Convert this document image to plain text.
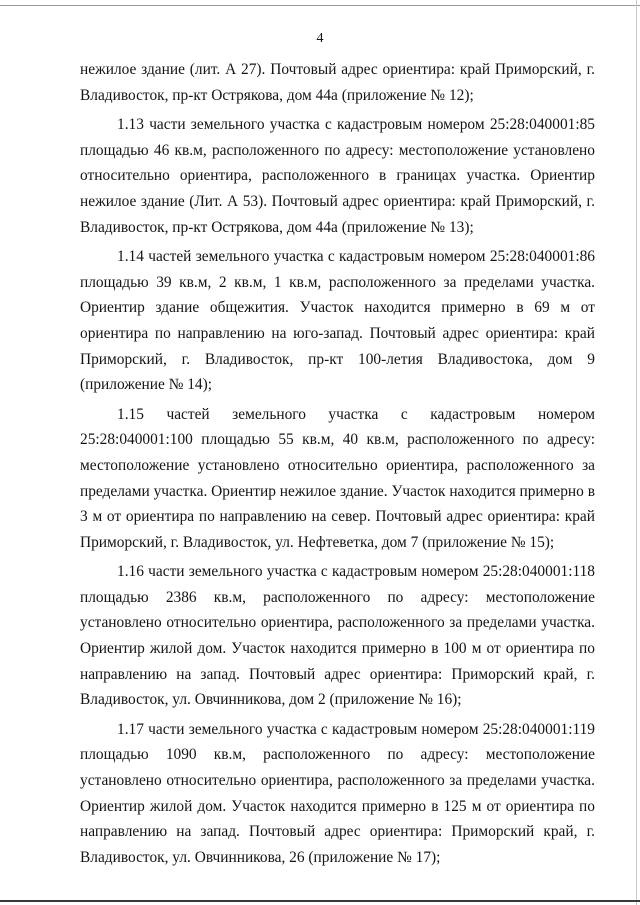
4

нежилое здание (лит. А 27). Почтовый адрес ориентира: край Приморский, г. Владивосток, пр-кт Острякова, дом 44а (приложение № 12);

1.13 части земельного участка с кадастровым номером 25:28:040001:85 площадью 46 кв.м, расположенного по адресу: местоположение установлено относительно ориентира, расположенного в границах участка. Ориентир нежилое здание (Лит. А 53). Почтовый адрес ориентира: край Приморский, г. Владивосток, пр-кт Острякова, дом 44а (приложение № 13);

1.14 частей земельного участка с кадастровым номером 25:28:040001:86 площадью 39 кв.м, 2 кв.м, 1 кв.м, расположенного за пределами участка. Ориентир здание общежития. Участок находится примерно в 69 м от ориентира по направлению на юго-запад. Почтовый адрес ориентира: край Приморский, г. Владивосток, пр-кт 100-летия Владивостока, дом 9 (приложение № 14);

1.15 частей земельного участка с кадастровым номером 25:28:040001:100 площадью 55 кв.м, 40 кв.м, расположенного по адресу: местоположение установлено относительно ориентира, расположенного за пределами участка. Ориентир нежилое здание. Участок находится примерно в 3 м от ориентира по направлению на север. Почтовый адрес ориентира: край Приморский, г. Владивосток, ул. Нефтеветка, дом 7 (приложение № 15);

1.16 части земельного участка с кадастровым номером 25:28:040001:118 площадью 2386 кв.м, расположенного по адресу: местоположение установлено относительно ориентира, расположенного за пределами участка. Ориентир жилой дом. Участок находится примерно в 100 м от ориентира по направлению на запад. Почтовый адрес ориентира: Приморский край, г. Владивосток, ул. Овчинникова, дом 2 (приложение № 16);

1.17 части земельного участка с кадастровым номером 25:28:040001:119 площадью 1090 кв.м, расположенного по адресу: местоположение установлено относительно ориентира, расположенного за пределами участка. Ориентир жилой дом. Участок находится примерно в 125 м от ориентира по направлению на запад. Почтовый адрес ориентира: Приморский край, г. Владивосток, ул. Овчинникова, 26 (приложение № 17);
